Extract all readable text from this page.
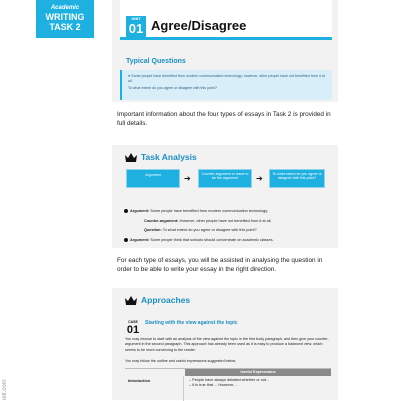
Academic
WRITING
TASK 2
ielt.com
UNIT
01 Agree/Disagree
Typical Questions
● Some people have benefited from modern communication technology; however, other people have not benefited from it at all.
To what extent do you agree or disagree with this point?
Important information about the four types of essays in Task 2 is provided in full details.
Task Analysis
Argument	➔	Counter-argument or issue to be the argument	➔	To what extent do you agree or disagree with this point?
Argument: Some people have benefited from modern communication technology;
Counter-argument: However, other people have not benefited from it at all.
Question: To what extent do you agree or disagree with this point?
Argument: Some people think that schools should concentrate on academic classes.
For each type of essays, you will be assisted in analysing the question in order to be able to write your essay in the right direction.
Approaches
CASE
01
Starting with the view against the topic
You may choose to start with an analysis of the view against the topic in the first body paragraph, and then give your counter-argument in the second paragraph. This approach has already been used as it is easy to produce a balanced view, which seems to be more convincing to the reader.
You may follow the outline and useful expressions suggested below.
Useful Expressions
Introduction	– People have always debated whether or not...
– It is true that ... However, ...
